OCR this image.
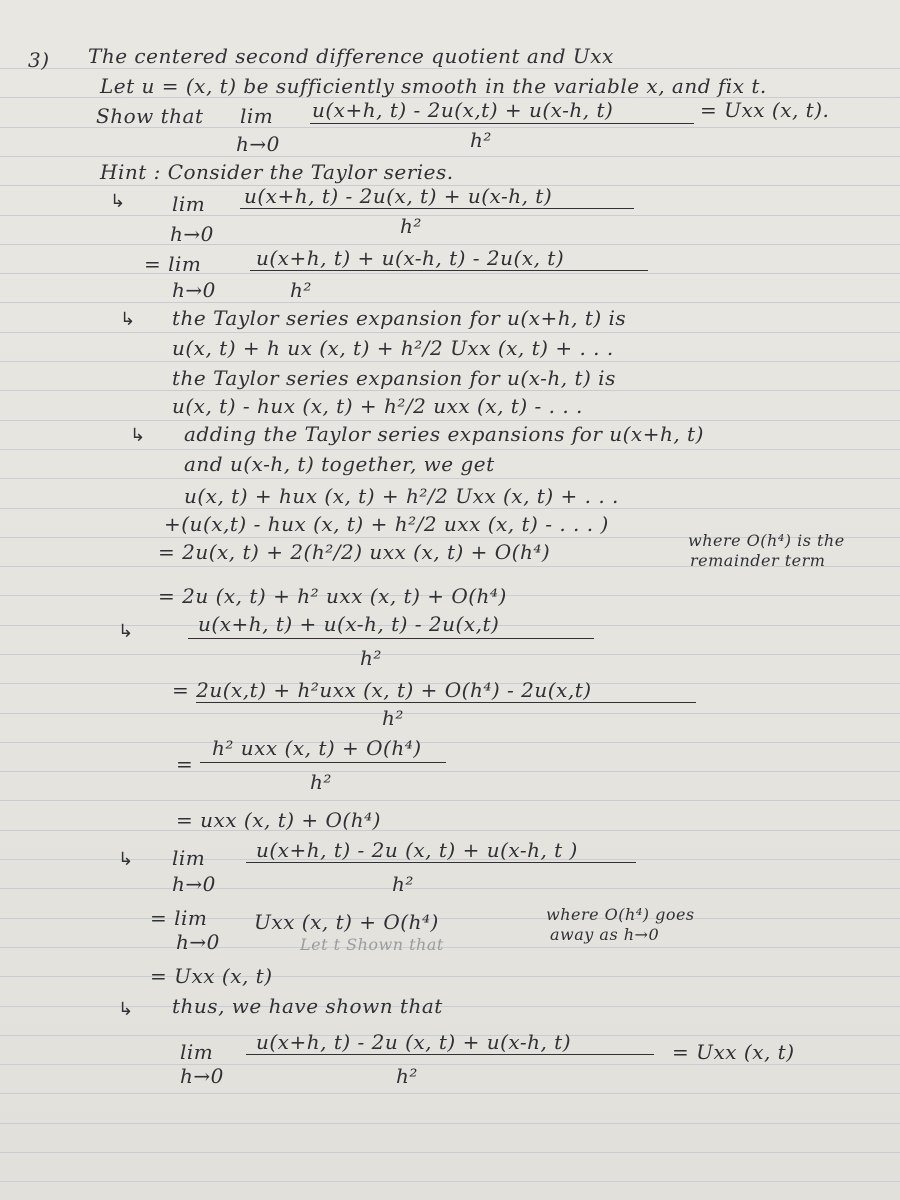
3) The centered second difference quotient and Uxx
Let u = (x, t) be sufficiently smooth in the variable x, and fix t.
Show that lim
h→0
u(x+h, t) - 2u(x,t) + u(x-h, t)
h²
= Uxx (x, t).
Hint : Consider the Taylor series.
↳ lim
h→0
u(x+h, t) - 2u(x, t) + u(x-h, t)
h²
= lim
h→0
u(x+h, t) + u(x-h, t) - 2u(x, t)
h²
↳ the Taylor series expansion for u(x+h, t) is
u(x, t) + h ux (x, t) + h²/2 Uxx (x, t) + . . .
the Taylor series expansion for u(x-h, t) is
u(x, t) - hux (x, t) + h²/2 uxx (x, t) - . . .
↳ adding the Taylor series expansions for u(x+h, t)
and u(x-h, t) together, we get
u(x, t) + hux (x, t) + h²/2 Uxx (x, t) + . . .
+(u(x,t) - hux (x, t) + h²/2 uxx (x, t) - . . . )
= 2u(x, t) + 2(h²/2) uxx (x, t) + O(h⁴)	where O(h⁴) is the
remainder term
= 2u (x, t) + h² uxx (x, t) + O(h⁴)
↳	u(x+h, t) + u(x-h, t) - 2u(x,t)
h²
= 2u(x,t) + h²uxx (x, t) + O(h⁴) - 2u(x,t)
h²
=
h² uxx (x, t) + O(h⁴)
h²
= uxx (x, t) + O(h⁴)
↳ lim
h→0
u(x+h, t) - 2u (x, t) + u(x-h, t )
h²
= lim
h→0
Uxx (x, t) + O(h⁴)
Let t Shown that
where O(h⁴) goes
away as h→0
= Uxx (x, t)
↳ thus, we have shown that
lim
h→0
u(x+h, t) - 2u (x, t) + u(x-h, t)
h²
= Uxx (x, t)
